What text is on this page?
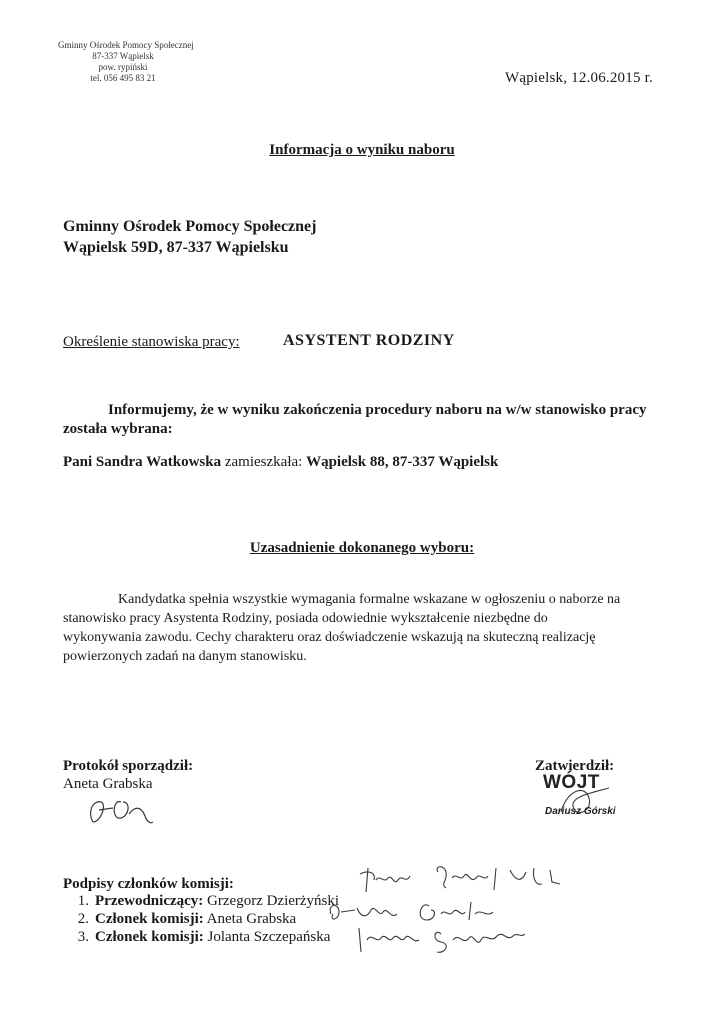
Gminny Ośrodek Pomocy Społecznej
87-337 Wąpielsk
pow. rypiński
tel. 056 495 83 21	Wąpielsk, 12.06.2015 r.
Informacja o wyniku naboru
Gminny Ośrodek Pomocy Społecznej
Wąpielsk 59D, 87-337 Wąpielsku
Określenie stanowiska pracy:	ASYSTENT RODZINY
Informujemy, że w wyniku zakończenia procedury naboru na w/w stanowisko pracy
została wybrana:
Pani Sandra Watkowska zamieszkała: Wąpielsk 88, 87-337 Wąpielsk
Uzasadnienie dokonanego wyboru:
Kandydatka spełnia wszystkie wymagania formalne wskazane w ogłoszeniu o naborze na
stanowisko pracy Asystenta Rodziny, posiada odowiednie wykształcenie niezbędne do
wykonywania zawodu. Cechy charakteru oraz doświadczenie wskazują na skuteczną realizację
powierzonych zadań na danym stanowisku.
Protokół sporządził:
Aneta Grabska
Zatwierdził:
WÓJT
Dariusz Górski
Podpisy członków komisji:
1. Przewodniczący: Grzegorz Dzierżyński
2. Członek komisji: Aneta Grabska
3. Członek komisji: Jolanta Szczepańska
